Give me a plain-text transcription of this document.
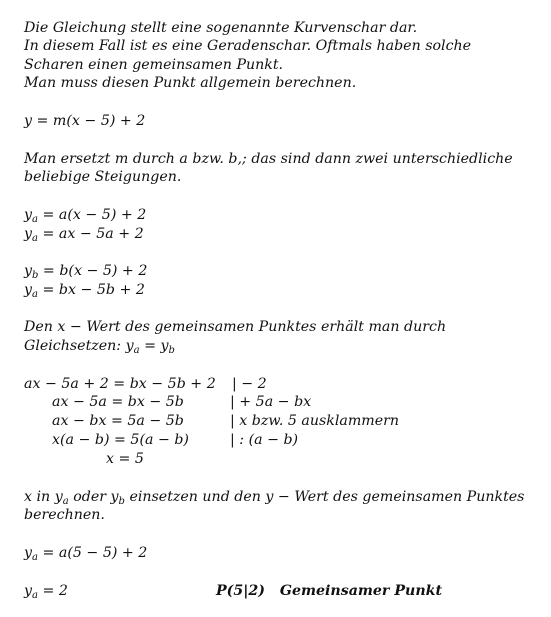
Die Gleichung stellt eine sogenannte Kurvenschar dar.
In diesem Fall ist es eine Geradenschar. Oftmals haben solche
Scharen einen gemeinsamen Punkt.
Man muss diesen Punkt allgemein berechnen.
y = m(x − 5) + 2
Man ersetzt m durch a bzw. b,; das sind dann zwei unterschiedliche
beliebige Steigungen.
$y_a = a(x - 5) + 2$
$y_a$ = ax − 5a + 2
$y_b = b(x - 5) + 2$
$y_a$ = bx − 5b + 2
Den x − Wert des gemeinsamen Punktes erhält man durch
Gleichsetzen: $y_a = y_b$
ax − 5a + 2 = bx − 5b + 2 | − 2
ax − 5a = bx − 5b	| + 5a − bx
ax − bx = 5a − 5b	| x bzw. 5 ausklammern
x(a − b) = 5(a − b)	| : (a − b)
x = 5
x in $y_a$ oder $y_b$ einsetzen und den y − Wert des gemeinsamen Punktes
berechnen.
$y_a = a(5 - 5) + 2$
$y_a = 2$	P(5|2) Gemeinsamer Punkt
